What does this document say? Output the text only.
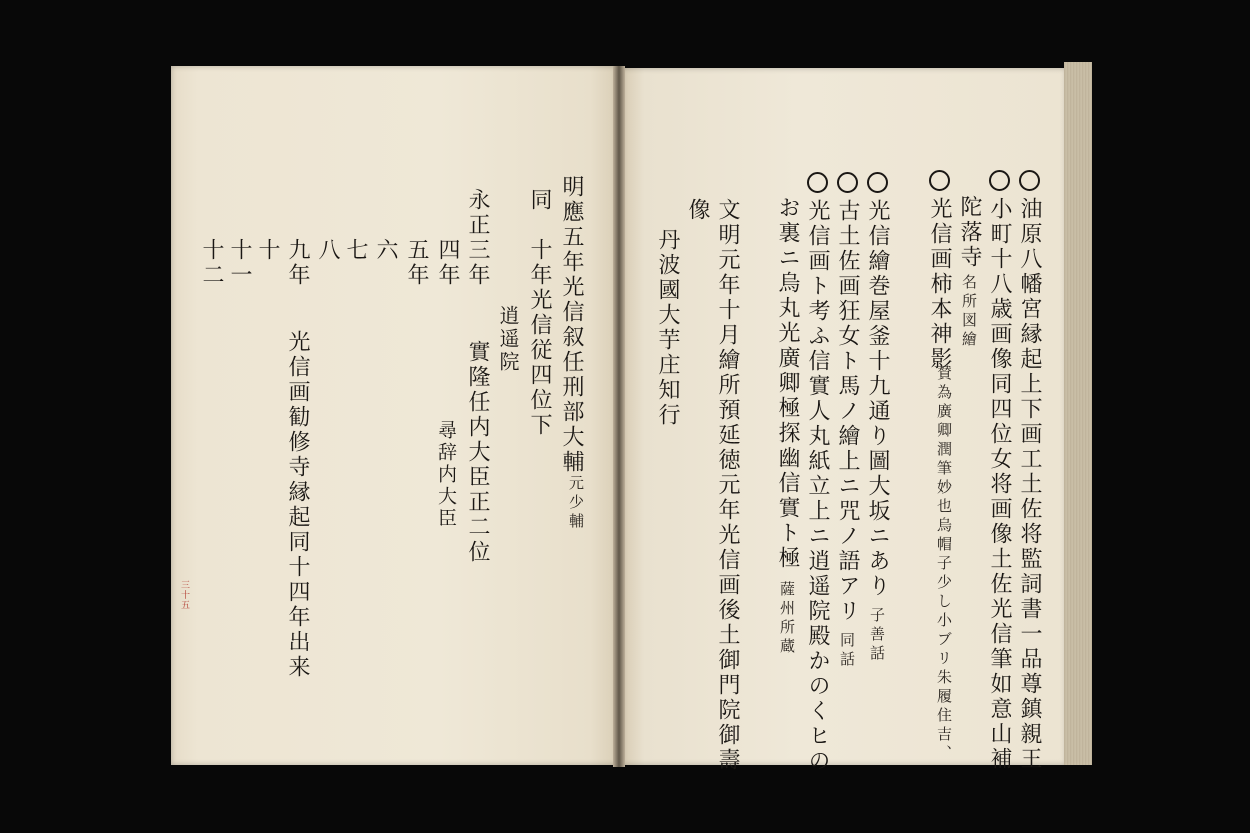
三十五
明應五年光信叙任刑部大輔
元少輔
同　十年光信従四位下
逍遥院
永正三年
實隆任内大臣正二位
四年
尋辞内大臣
五年
六
七
八
九年
光信画勧修寺縁起同十四年出来
十
十一
十二	油原八幡宮縁起上下画工土佐将監詞書一品尊鎮親王
小町十八歳画像同四位女将画像土佐光信筆如意山補
陀落寺名所図繪
光信画柿本神影
賛為廣卿潤筆妙也烏帽子少し小ブリ朱履住吉、
光信繪巻屋釜十九通り圖大坂ニあり子善話
古土佐画狂女ト馬ノ繪上ニ咒ノ語アリ同話
光信画ト考ふ信實人丸紙立上ニ逍遥院殿かのくヒの
お裏ニ烏丸光廣卿極探幽信實ト極薩州所蔵
文明元年十月繪所預延徳元年光信画後土御門院御壽
像
丹波國大芋庄知行
